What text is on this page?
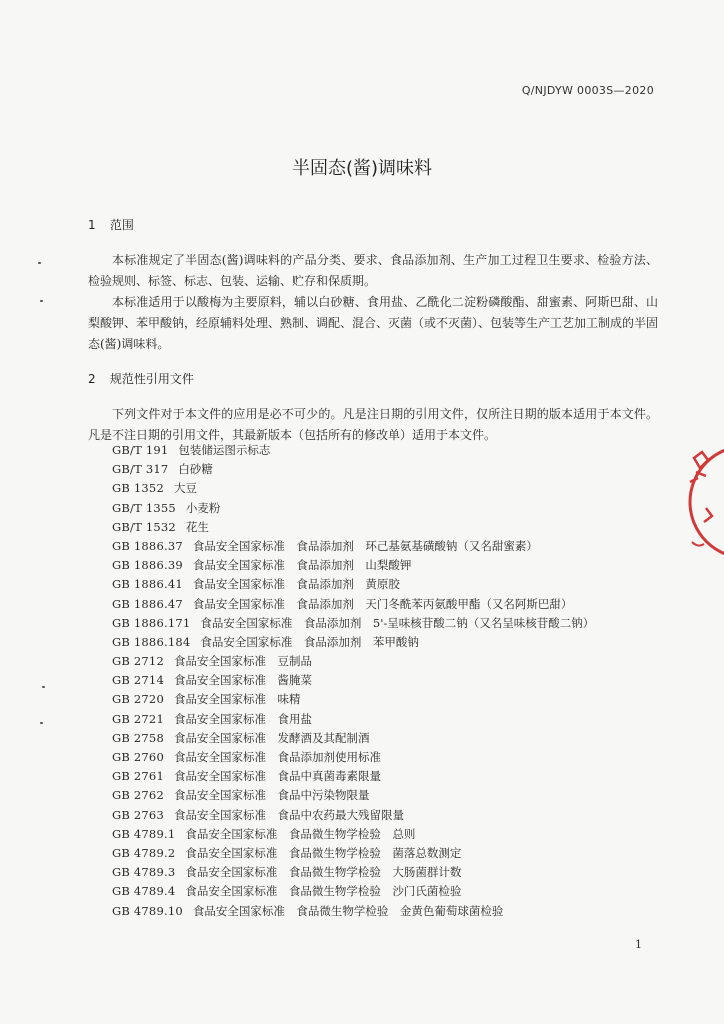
Q/NJDYW 0003S—2020
半固态(酱)调味料
1 范围
本标准规定了半固态(酱)调味料的产品分类、要求、食品添加剂、生产加工过程卫生要求、检验方法、检验规则、标签、标志、包装、运输、贮存和保质期。
本标准适用于以酸梅为主要原料，辅以白砂糖、食用盐、乙酰化二淀粉磷酸酯、甜蜜素、阿斯巴甜、山梨酸钾、苯甲酸钠，经原辅料处理、熟制、调配、混合、灭菌（或不灭菌）、包装等生产工艺加工制成的半固态(酱)调味料。
2 规范性引用文件
下列文件对于本文件的应用是必不可少的。凡是注日期的引用文件，仅所注日期的版本适用于本文件。凡是不注日期的引用文件，其最新版本（包括所有的修改单）适用于本文件。
GB/T 191 包装储运图示标志
GB/T 317 白砂糖
GB 1352 大豆
GB/T 1355 小麦粉
GB/T 1532 花生
GB 1886.37 食品安全国家标准　食品添加剂　环己基氨基磺酸钠（又名甜蜜素）
GB 1886.39 食品安全国家标准　食品添加剂　山梨酸钾
GB 1886.41 食品安全国家标准　食品添加剂　黄原胶
GB 1886.47 食品安全国家标准　食品添加剂　天门冬酰苯丙氨酸甲酯（又名阿斯巴甜）
GB 1886.171 食品安全国家标准　食品添加剂　5'-呈味核苷酸二钠（又名呈味核苷酸二钠）
GB 1886.184 食品安全国家标准　食品添加剂　苯甲酸钠
GB 2712 食品安全国家标准　豆制品
GB 2714 食品安全国家标准　酱腌菜
GB 2720 食品安全国家标准　味精
GB 2721 食品安全国家标准　食用盐
GB 2758 食品安全国家标准　发酵酒及其配制酒
GB 2760 食品安全国家标准　食品添加剂使用标准
GB 2761 食品安全国家标准　食品中真菌毒素限量
GB 2762 食品安全国家标准　食品中污染物限量
GB 2763 食品安全国家标准　食品中农药最大残留限量
GB 4789.1 食品安全国家标准　食品微生物学检验　总则
GB 4789.2 食品安全国家标准　食品微生物学检验　菌落总数测定
GB 4789.3 食品安全国家标准　食品微生物学检验　大肠菌群计数
GB 4789.4 食品安全国家标准　食品微生物学检验　沙门氏菌检验
GB 4789.10 食品安全国家标准　食品微生物学检验　金黄色葡萄球菌检验
1
